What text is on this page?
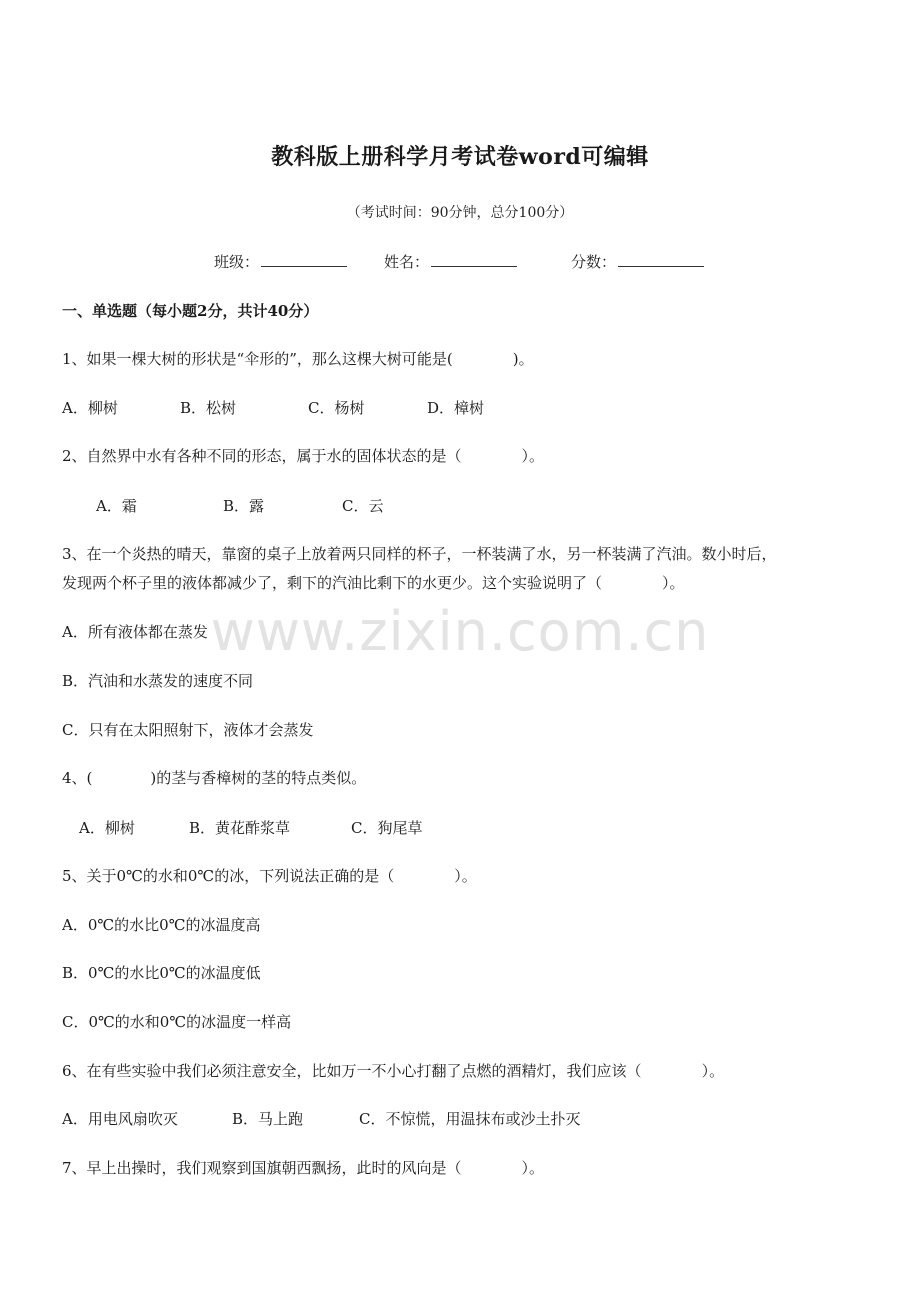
www.zixin.com.cn
教科版上册科学月考试卷word可编辑
（考试时间：90分钟，总分100分）
班级：	姓名：	分数：
一、单选题（每小题2分，共计40分）
1、如果一棵大树的形状是“伞形的”，那么这棵大树可能是(	)。
A．柳树	B．松树	C．杨树	D．樟树
2、自然界中水有各种不同的形态，属于水的固体状态的是（	）。
A．霜	B．露	C．云
3、在一个炎热的晴天，靠窗的桌子上放着两只同样的杯子，一杯装满了水，另一杯装满了汽油。数小时后，
发现两个杯子里的液体都减少了，剩下的汽油比剩下的水更少。这个实验说明了（	）。
A．所有液体都在蒸发
B．汽油和水蒸发的速度不同
C．只有在太阳照射下，液体才会蒸发
4、(	)的茎与香樟树的茎的特点类似。
A．柳树	B．黄花酢浆草	C．狗尾草
5、关于0℃的水和0℃的冰，下列说法正确的是（	）。
A．0℃的水比0℃的冰温度高
B．0℃的水比0℃的冰温度低
C．0℃的水和0℃的冰温度一样高
6、在有些实验中我们必须注意安全，比如万一不小心打翻了点燃的酒精灯，我们应该（	）。
A．用电风扇吹灭	B．马上跑	C．不惊慌，用温抹布或沙土扑灭
7、早上出操时，我们观察到国旗朝西飘扬，此时的风向是（	）。
